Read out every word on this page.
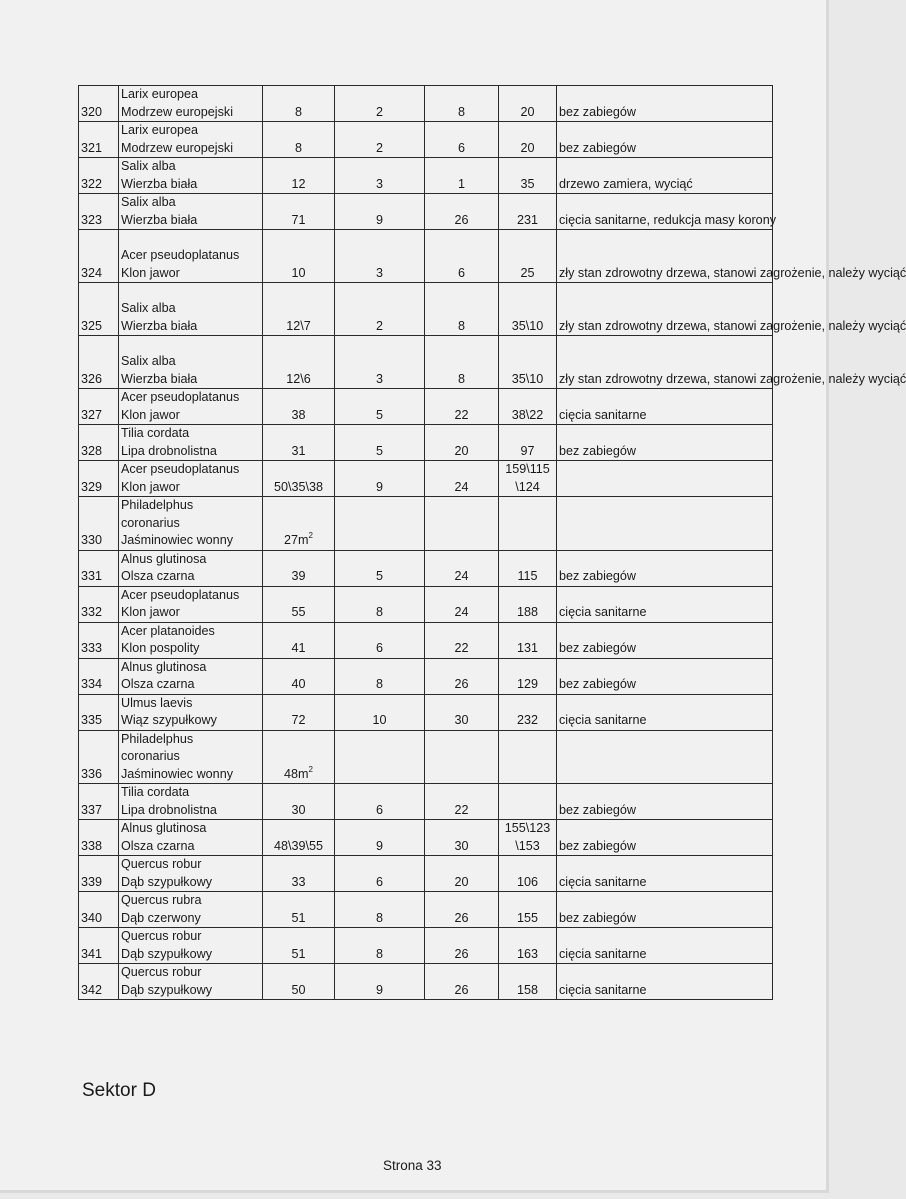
320	Larix europea
Modrzew europejski	8	2	8	20	bez zabiegów
321	Larix europea
Modrzew europejski	8	2	6	20	bez zabiegów
322	Salix alba
Wierzba biała	12	3	1	35	drzewo zamiera, wyciąć
323	Salix alba
Wierzba biała	71	9	26	231	cięcia sanitarne, redukcja masy korony
324	Acer pseudoplatanus
Klon jawor	10	3	6	25	zły stan zdrowotny drzewa, stanowi zagrożenie, należy wyciąć
325	Salix alba
Wierzba biała	12\7	2	8	35\10	zły stan zdrowotny drzewa, stanowi zagrożenie, należy wyciąć
326	Salix alba
Wierzba biała	12\6	3	8	35\10	zły stan zdrowotny drzewa, stanowi zagrożenie, należy wyciąć
327	Acer pseudoplatanus
Klon jawor	38	5	22	38\22	cięcia sanitarne
328	Tilia cordata
Lipa drobnolistna	31	5	20	97	bez zabiegów
329	Acer pseudoplatanus
Klon jawor	50\35\38	9	24	159\115 \124	
330	Philadelphus coronarius
Jaśminowiec wonny	$27m^2$				
331	Alnus glutinosa
Olsza czarna	39	5	24	115	bez zabiegów
332	Acer pseudoplatanus
Klon jawor	55	8	24	188	cięcia sanitarne
333	Acer platanoides
Klon pospolity	41	6	22	131	bez zabiegów
334	Alnus glutinosa
Olsza czarna	40	8	26	129	bez zabiegów
335	Ulmus laevis
Wiąz szypułkowy	72	10	30	232	cięcia sanitarne
336	Philadelphus coronarius
Jaśminowiec wonny	$48m^2$				
337	Tilia cordata
Lipa drobnolistna	30	6	22		bez zabiegów
338	Alnus glutinosa
Olsza czarna	48\39\55	9	30	155\123 \153	bez zabiegów
339	Quercus robur
Dąb szypułkowy	33	6	20	106	cięcia sanitarne
340	Quercus rubra
Dąb czerwony	51	8	26	155	bez zabiegów
341	Quercus robur
Dąb szypułkowy	51	8	26	163	cięcia sanitarne
342	Quercus robur
Dąb szypułkowy	50	9	26	158	cięcia sanitarne
Sektor D
Strona 33
